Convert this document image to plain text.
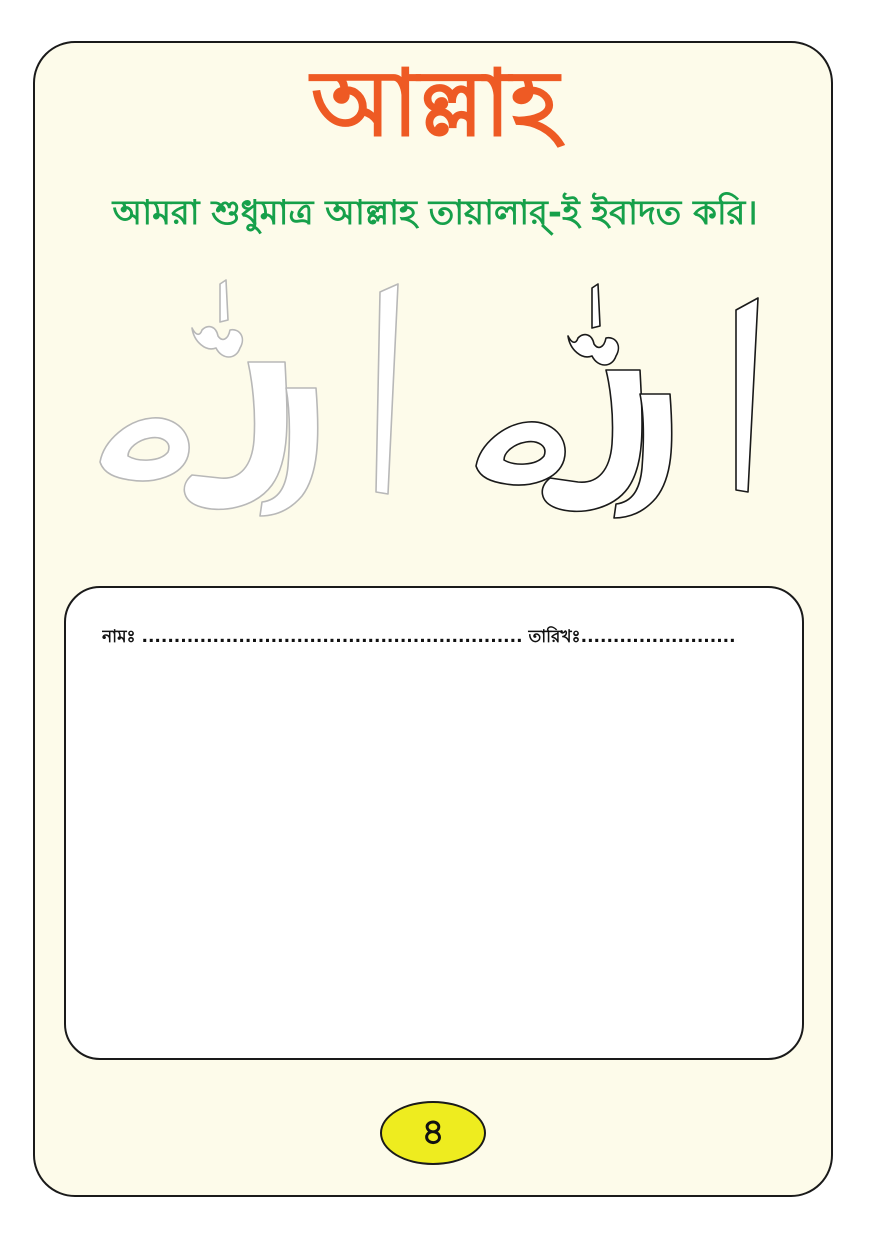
আল্লাহ
আমরা শুধুমাত্র আল্লাহ তায়ালার্-ই ইবাদত করি।
নামঃ ........................................................... তারিখঃ........................
৪
